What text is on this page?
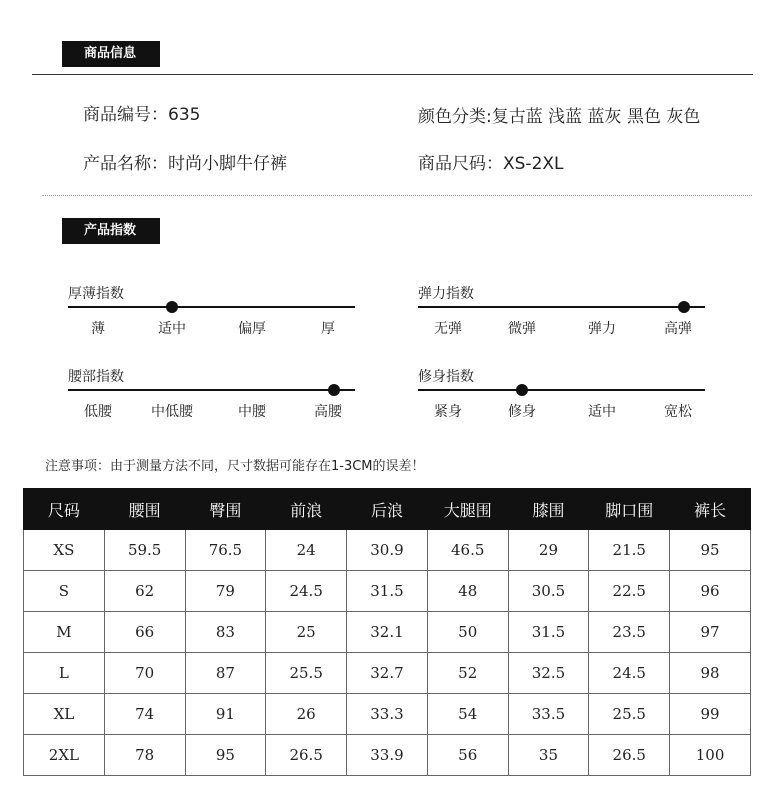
商品信息
商品编号：635	颜色分类:复古蓝 浅蓝 蓝灰 黑色 灰色
产品名称：时尚小脚牛仔裤	商品尺码：XS-2XL
产品指数
厚薄指数
薄	适中	偏厚	厚
弹力指数
无弹	微弹	弹力	高弹
腰部指数
低腰	中低腰	中腰	高腰
修身指数
紧身	修身	适中	宽松
注意事项：由于测量方法不同，尺寸数据可能存在1-3CM的误差！
尺码	腰围	臀围	前浪	后浪	大腿围	膝围	脚口围	裤长
XS	59.5	76.5	24	30.9	46.5	29	21.5	95
S	62	79	24.5	31.5	48	30.5	22.5	96
M	66	83	25	32.1	50	31.5	23.5	97
L	70	87	25.5	32.7	52	32.5	24.5	98
XL	74	91	26	33.3	54	33.5	25.5	99
2XL	78	95	26.5	33.9	56	35	26.5	100
